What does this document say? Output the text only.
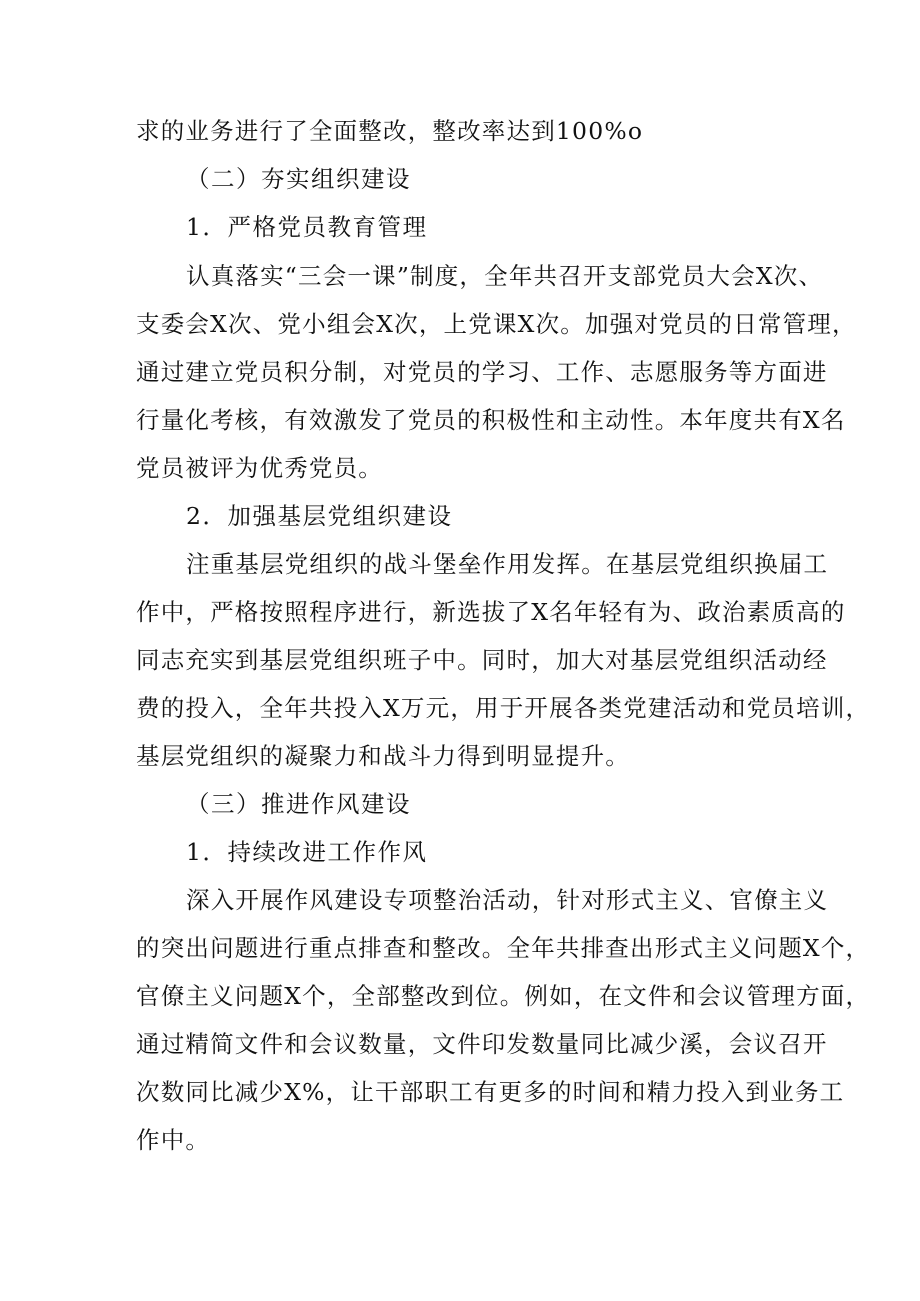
求的业务进行了全面整改，整改率达到100%o
（二）夯实组织建设
1．严格党员教育管理
认真落实“三会一课”制度，全年共召开支部党员大会X次、
支委会X次、党小组会X次，上党课X次。加强对党员的日常管理，
通过建立党员积分制，对党员的学习、工作、志愿服务等方面进
行量化考核，有效激发了党员的积极性和主动性。本年度共有X名
党员被评为优秀党员。
2．加强基层党组织建设
注重基层党组织的战斗堡垒作用发挥。在基层党组织换届工
作中，严格按照程序进行，新选拔了X名年轻有为、政治素质高的
同志充实到基层党组织班子中。同时，加大对基层党组织活动经
费的投入，全年共投入X万元，用于开展各类党建活动和党员培训，
基层党组织的凝聚力和战斗力得到明显提升。
（三）推进作风建设
1．持续改进工作作风
深入开展作风建设专项整治活动，针对形式主义、官僚主义
的突出问题进行重点排查和整改。全年共排查出形式主义问题X个，
官僚主义问题X个，全部整改到位。例如，在文件和会议管理方面，
通过精简文件和会议数量，文件印发数量同比减少溪，会议召开
次数同比减少X%，让干部职工有更多的时间和精力投入到业务工
作中。
